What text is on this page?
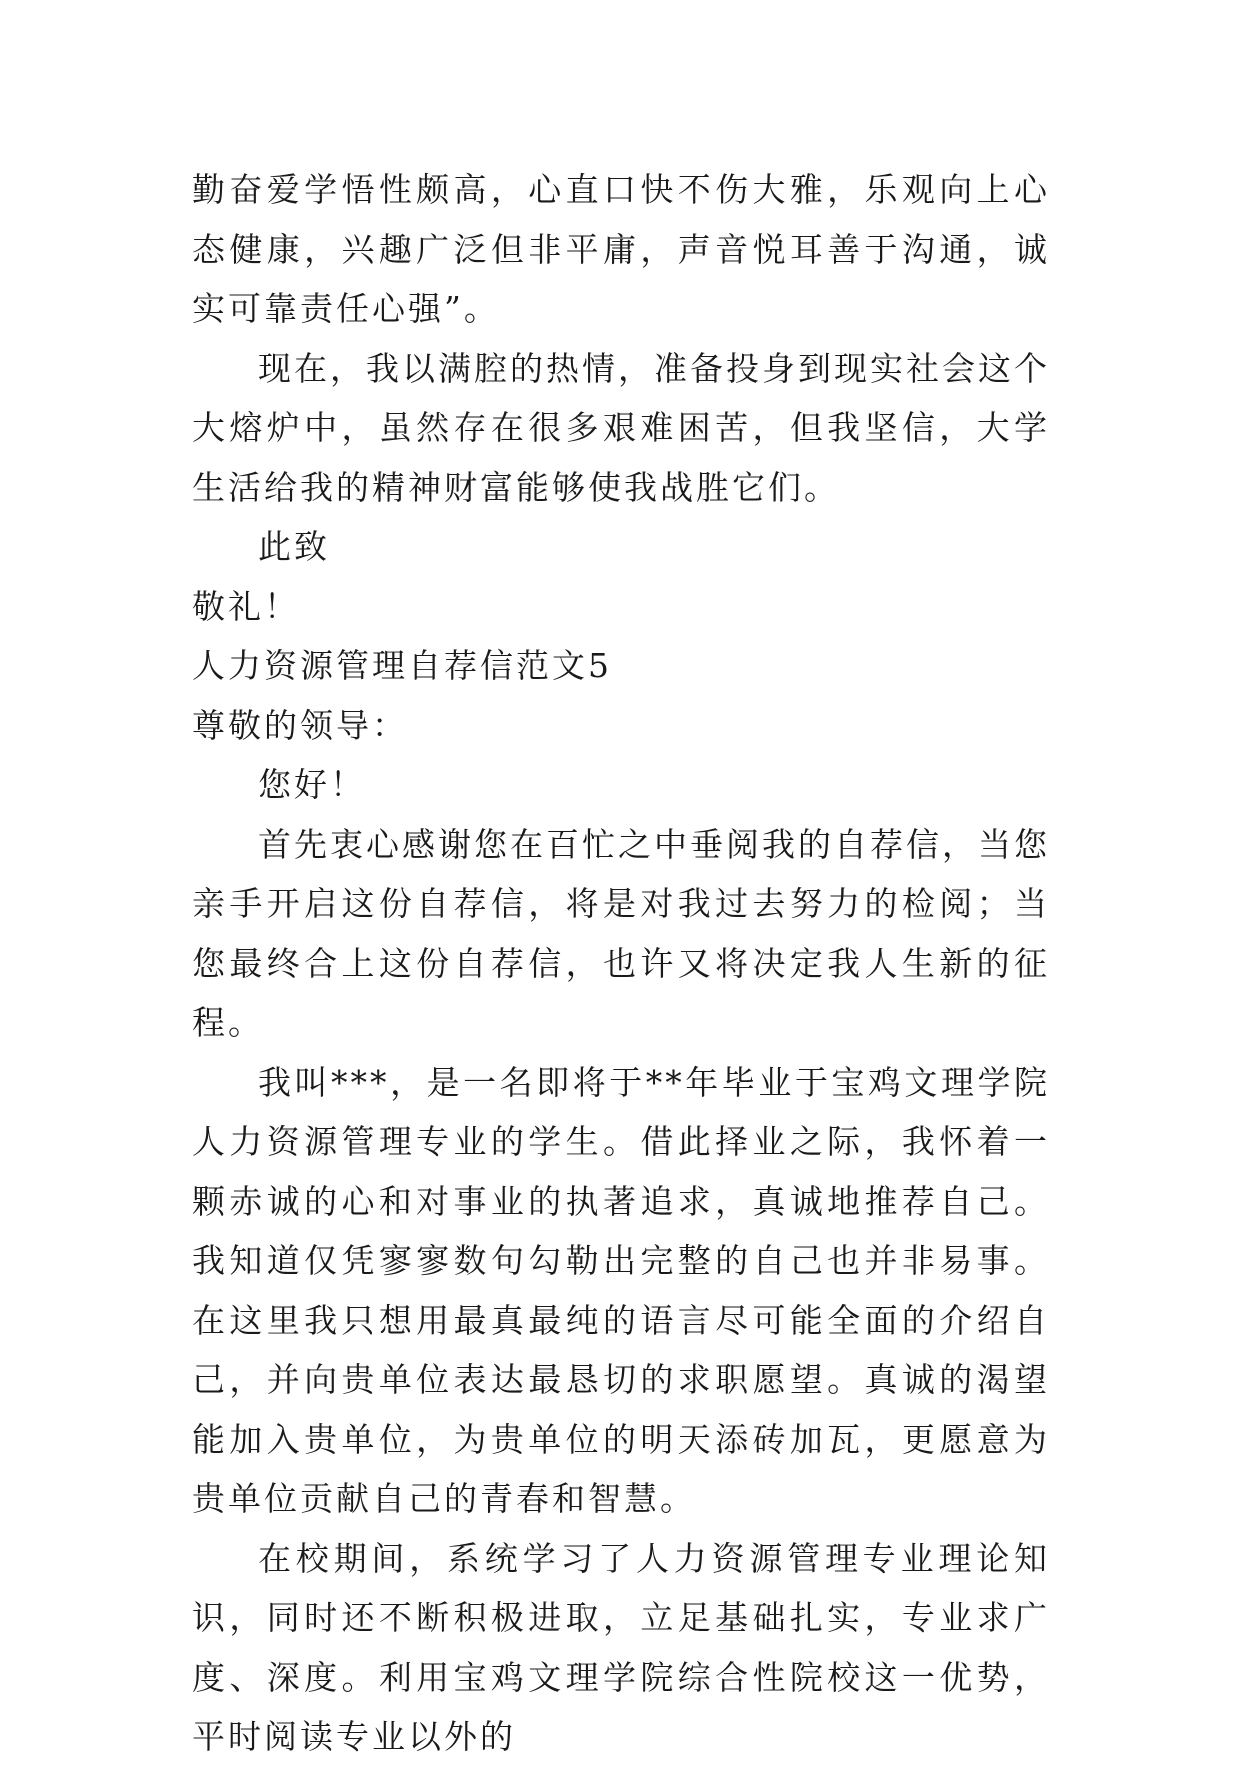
勤奋爱学悟性颇高，心直口快不伤大雅，乐观向上心态健康，兴趣广泛但非平庸，声音悦耳善于沟通，诚实可靠责任心强”。

现在，我以满腔的热情，准备投身到现实社会这个大熔炉中，虽然存在很多艰难困苦，但我坚信，大学生活给我的精神财富能够使我战胜它们。

此致

敬礼！

人力资源管理自荐信范文5

尊敬的领导：

您好！

首先衷心感谢您在百忙之中垂阅我的自荐信，当您亲手开启这份自荐信，将是对我过去努力的检阅；当您最终合上这份自荐信，也许又将决定我人生新的征程。

我叫***，是一名即将于**年毕业于宝鸡文理学院人力资源管理专业的学生。借此择业之际，我怀着一颗赤诚的心和对事业的执著追求，真诚地推荐自己。我知道仅凭寥寥数句勾勒出完整的自己也并非易事。在这里我只想用最真最纯的语言尽可能全面的介绍自己，并向贵单位表达最恳切的求职愿望。真诚的渴望能加入贵单位，为贵单位的明天添砖加瓦，更愿意为贵单位贡献自己的青春和智慧。

在校期间，系统学习了人力资源管理专业理论知识，同时还不断积极进取，立足基础扎实，专业求广度、深度。利用宝鸡文理学院综合性院校这一优势，平时阅读专业以外的
